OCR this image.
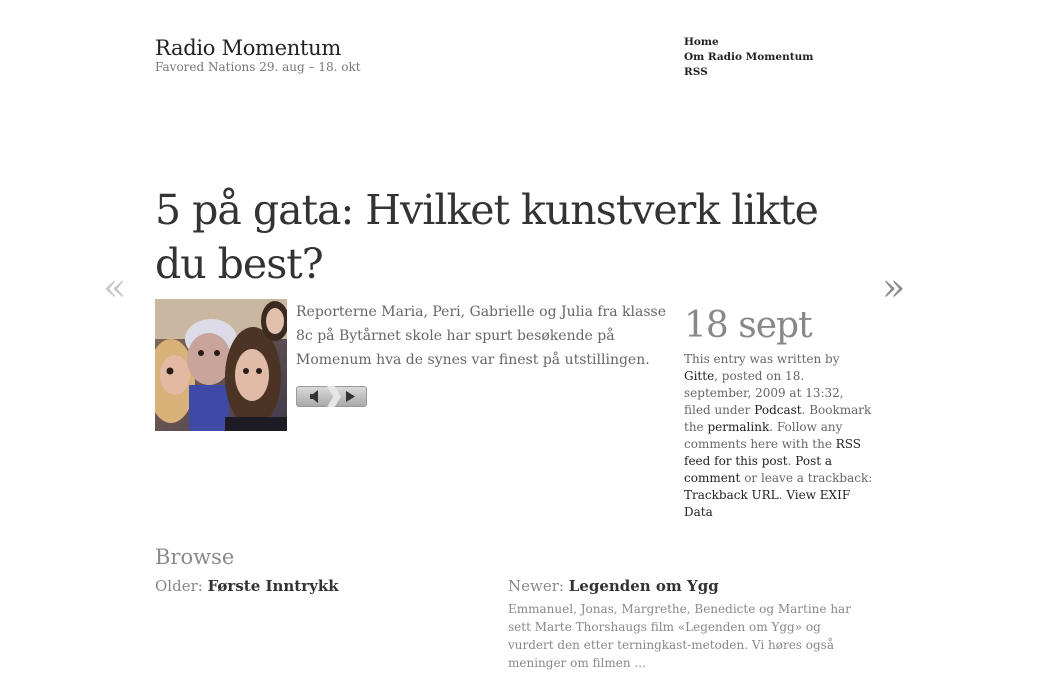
Radio Momentum
Favored Nations 29. aug – 18. okt
Home
Om Radio Momentum
RSS
5 på gata: Hvilket kunstverk likte du best?
«	»

Reporterne Maria, Peri, Gabrielle og Julia fra klasse 8c på Bytårnet skole har spurt besøkende på Momenum hva de synes var finest på utstillingen.

18 sept

This entry was written by Gitte, posted on 18. september, 2009 at 13:32, filed under Podcast. Bookmark the permalink. Follow any comments here with the RSS feed for this post. Post a comment or leave a trackback: Trackback URL. View EXIF Data

Browse
Older: Første Inntrykk	Newer: Legenden om Ygg

Emmanuel, Jonas, Margrethe, Benedicte og Martine har sett Marte Thorshaugs film «Legenden om Ygg» og vurdert den etter terningkast-metoden. Vi høres også meninger om filmen ...
